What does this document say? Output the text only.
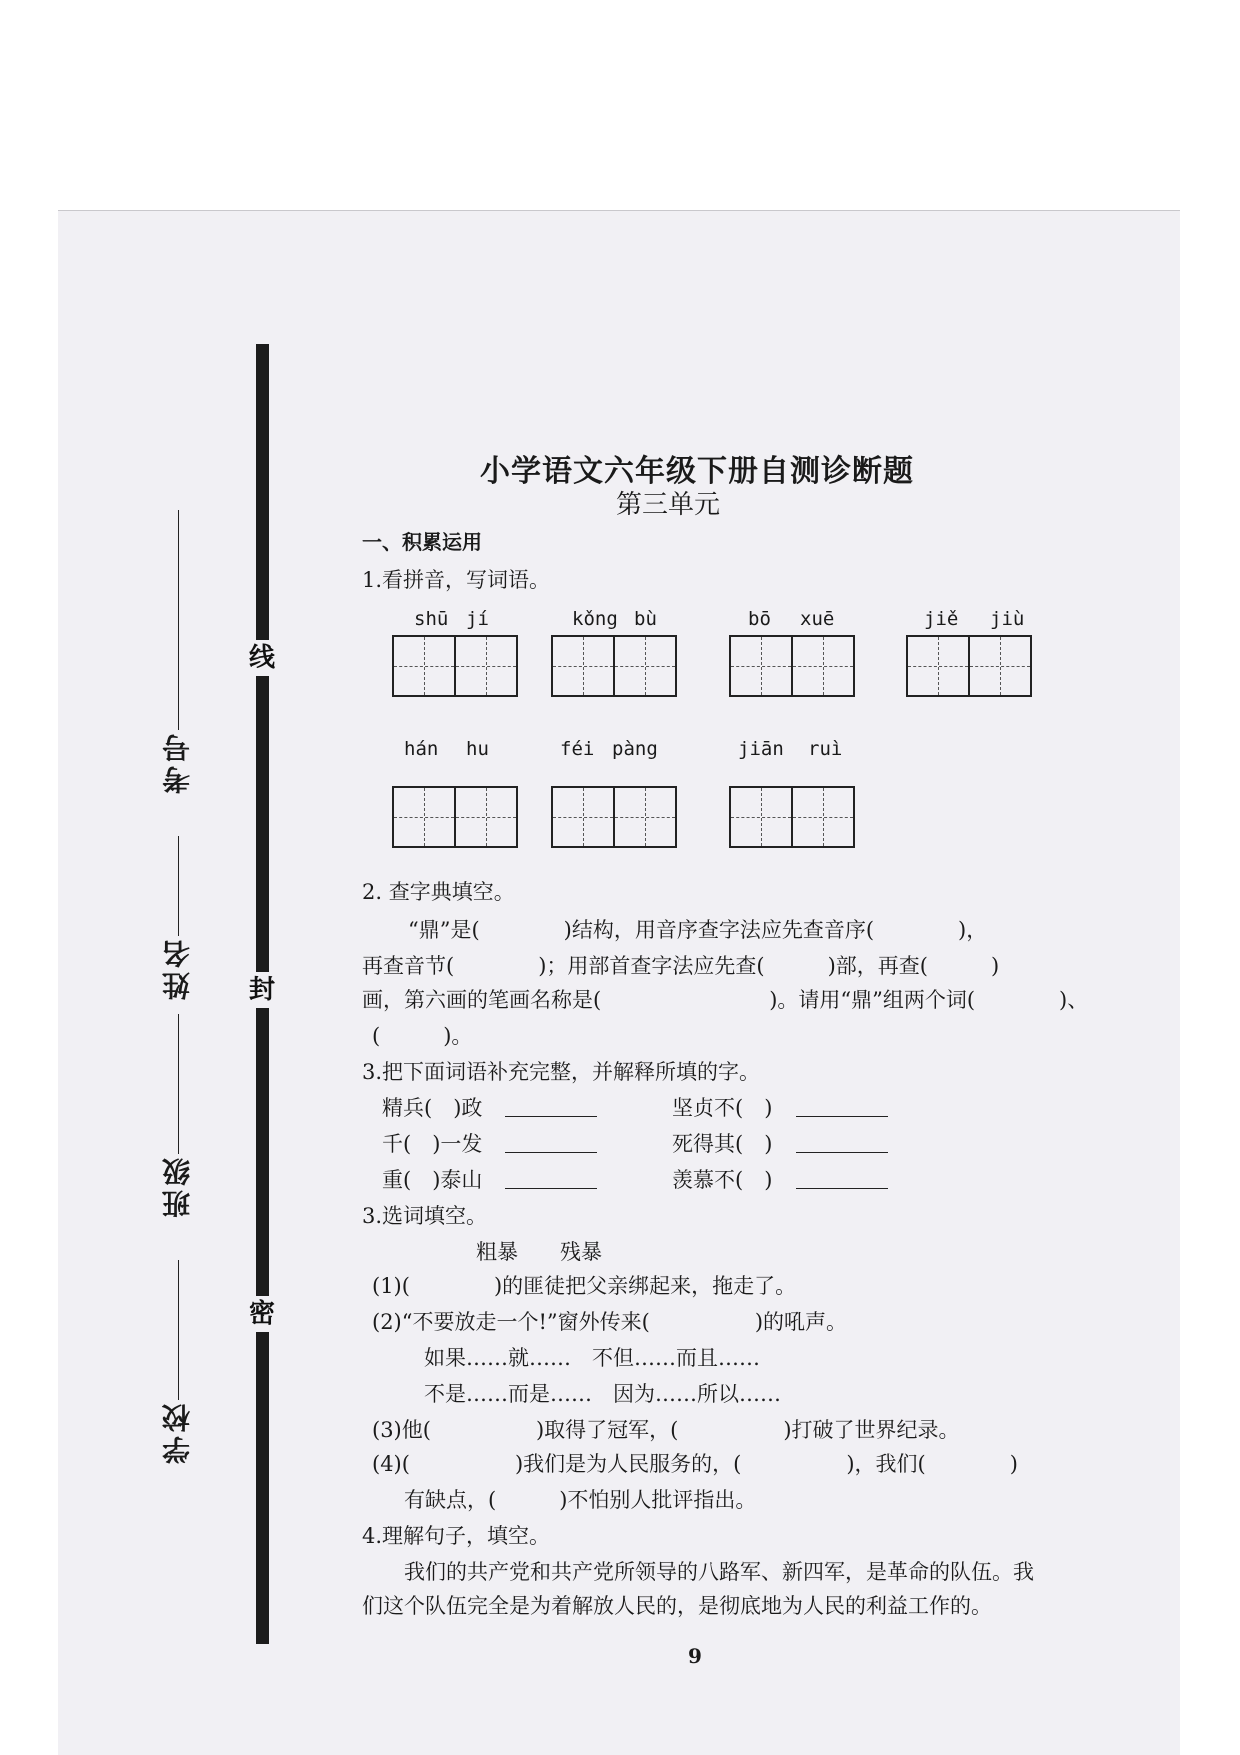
线
封
密
考号
姓名
班级
学校
小学语文六年级下册自测诊断题
第三单元
一、积累运用
1.看拼音，写词语。
shū jí	kǒng bù	bō xuē	jiě jiù
hán hu	féi pàng	jiān ruì
2. 查字典填空。
“鼎”是(　　　　)结构，用音序查字法应先查音序(　　　　)，
再查音节(　　　　)；用部首查字法应先查(　　　)部，再查(　　　)
画，第六画的笔画名称是(　　　　　　　　)。请用“鼎”组两个词(　　　　)、
(　　　)。
3.把下面词语补充完整，并解释所填的字。
精兵(　)政	坚贞不(　)
千(　)一发	死得其(　)
重(　)泰山	羡慕不(　)
3.选词填空。
粗暴　　残暴
(1)(　　　　)的匪徒把父亲绑起来，拖走了。
(2)“不要放走一个!”窗外传来(　　　　　)的吼声。
如果……就……　不但……而且……
不是……而是……　因为……所以……
(3)他(　　　　　)取得了冠军，(　　　　　)打破了世界纪录。
(4)(　　　　　)我们是为人民服务的，(　　　　　)，我们(　　　　)
有缺点，(　　　)不怕别人批评指出。
4.理解句子，填空。
我们的共产党和共产党所领导的八路军、新四军，是革命的队伍。我
们这个队伍完全是为着解放人民的，是彻底地为人民的利益工作的。
9
